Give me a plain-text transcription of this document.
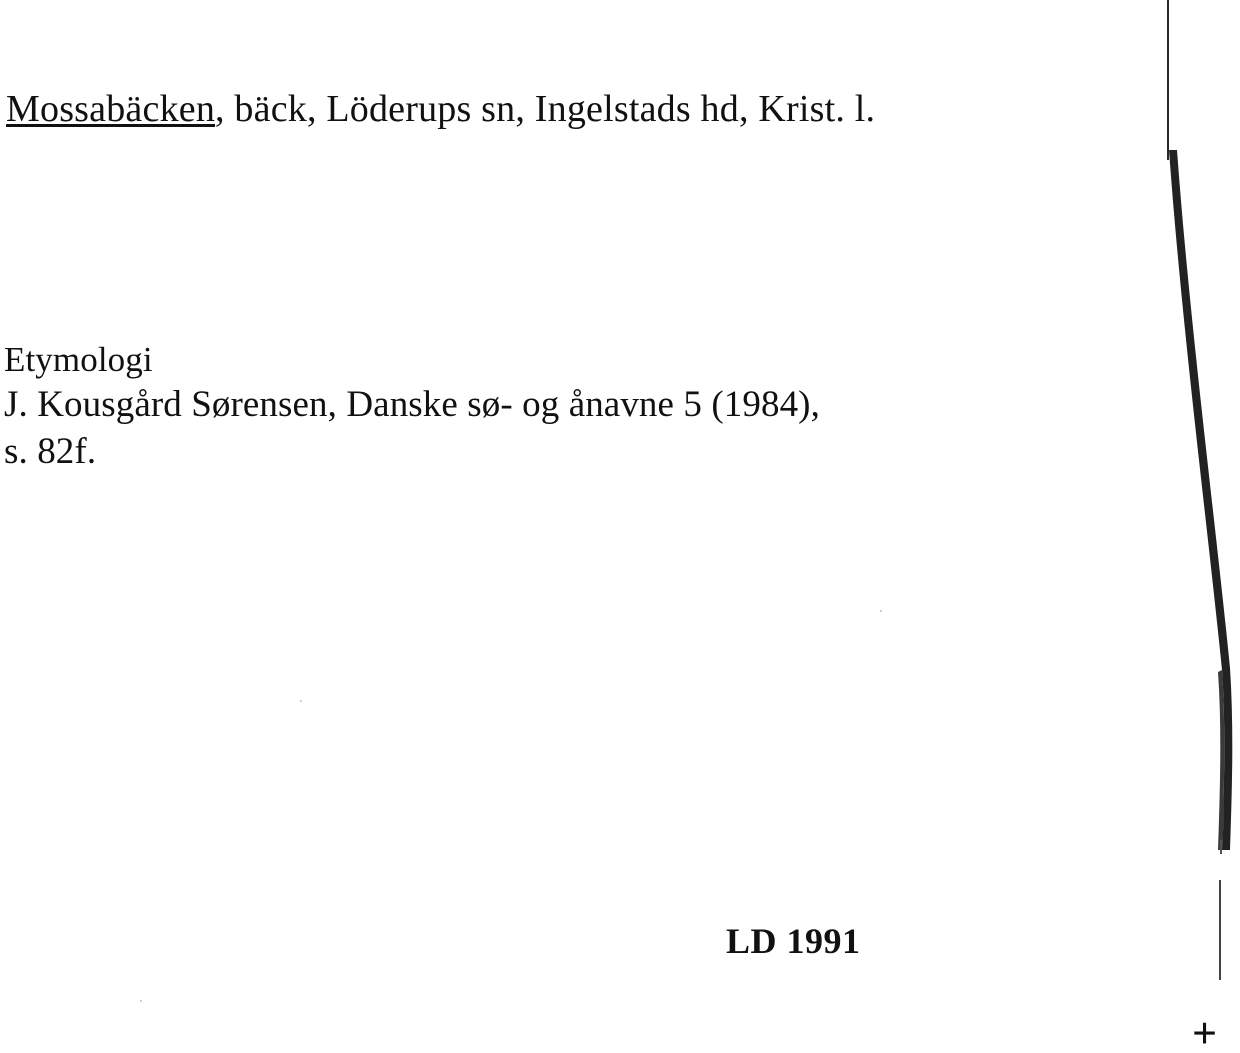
Mossabäcken, bäck, Löderups sn, Ingelstads hd, Krist. l.
Etymologi
J. Kousgård Sørensen, Danske sø- og ånavne 5 (1984),
s. 82f.
LD 1991
+
